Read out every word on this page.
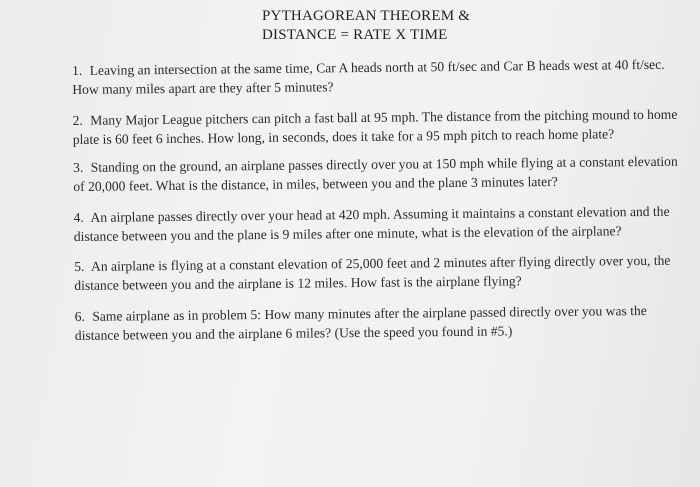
PYTHAGOREAN THEOREM &
DISTANCE = RATE X TIME
1. Leaving an intersection at the same time, Car A heads north at 50 ft/sec and Car B heads west at 40 ft/sec. How many miles apart are they after 5 minutes?
2. Many Major League pitchers can pitch a fast ball at 95 mph. The distance from the pitching mound to home plate is 60 feet 6 inches. How long, in seconds, does it take for a 95 mph pitch to reach home plate?
3. Standing on the ground, an airplane passes directly over you at 150 mph while flying at a constant elevation of 20,000 feet. What is the distance, in miles, between you and the plane 3 minutes later?
4. An airplane passes directly over your head at 420 mph. Assuming it maintains a constant elevation and the distance between you and the plane is 9 miles after one minute, what is the elevation of the airplane?
5. An airplane is flying at a constant elevation of 25,000 feet and 2 minutes after flying directly over you, the distance between you and the airplane is 12 miles. How fast is the airplane flying?
6. Same airplane as in problem 5: How many minutes after the airplane passed directly over you was the distance between you and the airplane 6 miles? (Use the speed you found in #5.)
